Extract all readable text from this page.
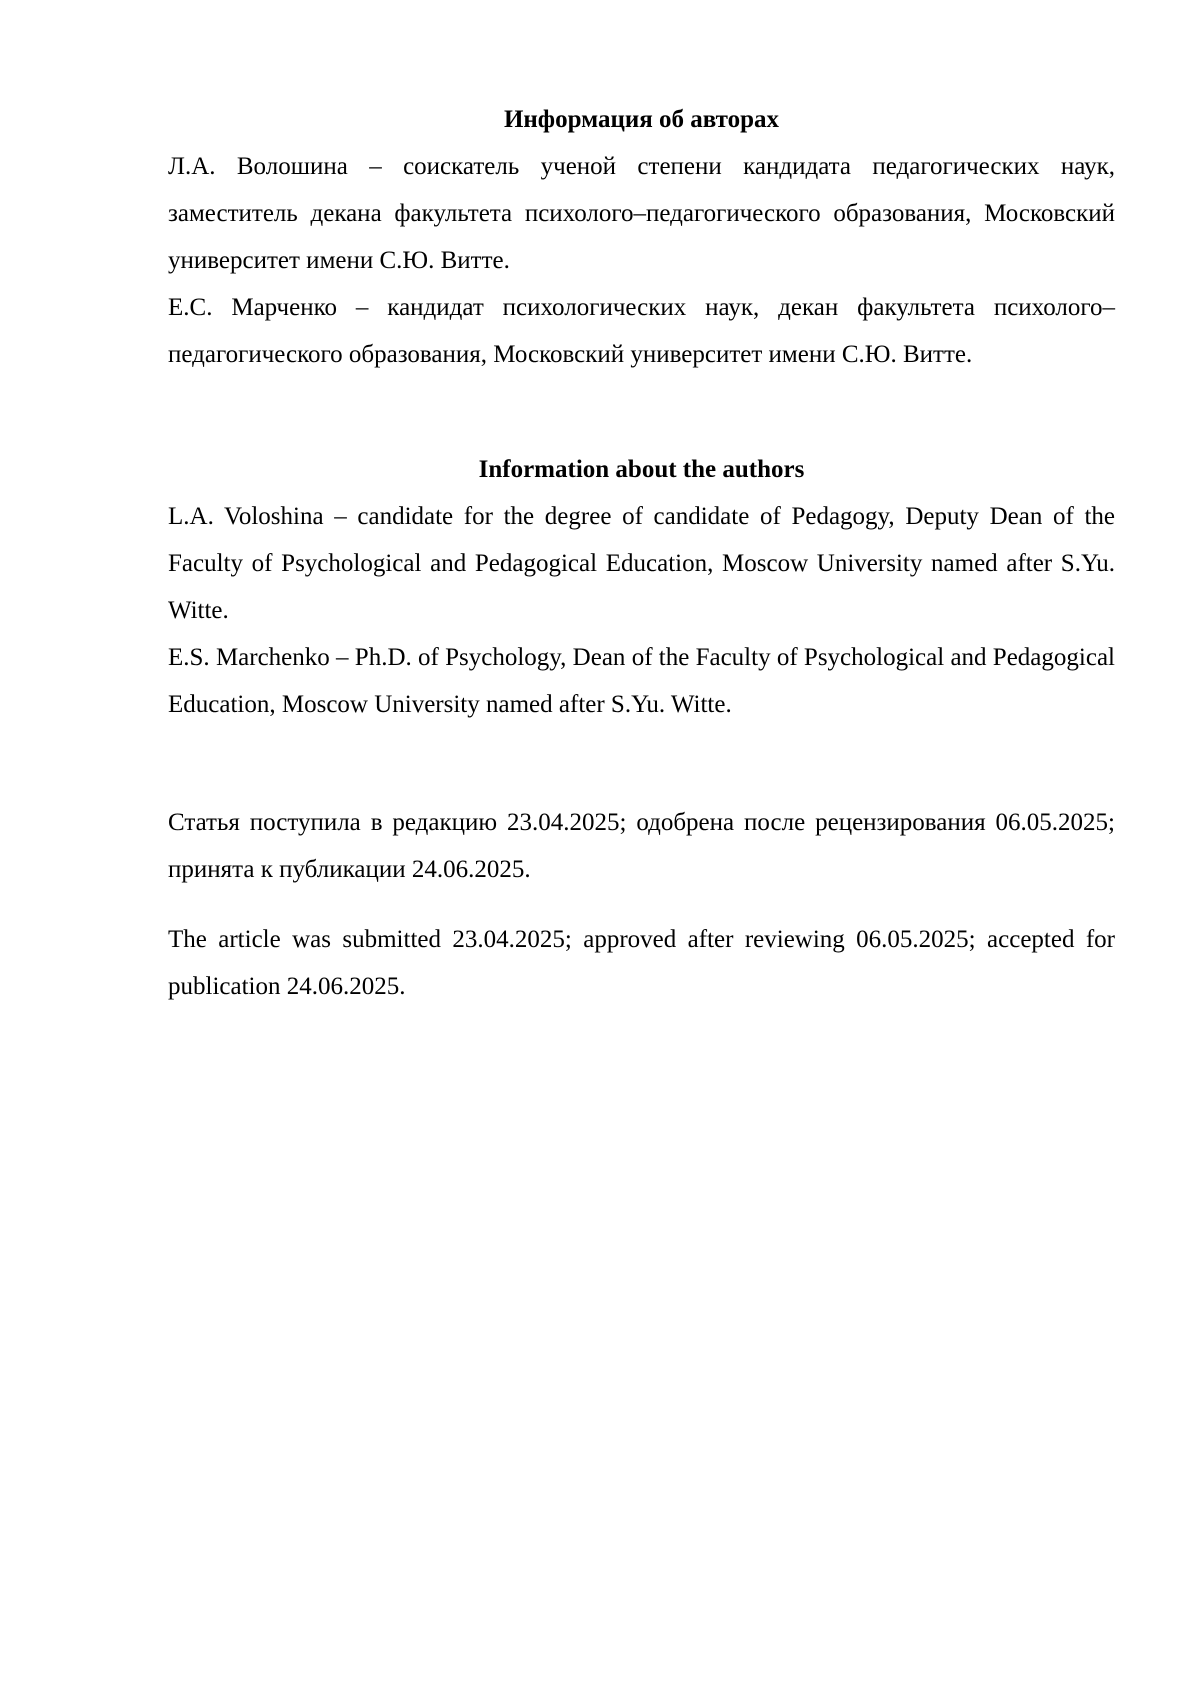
Информация об авторах

Л.А. Волошина – соискатель ученой степени кандидата педагогических наук, заместитель декана факультета психолого–педагогического образования, Московский университет имени С.Ю. Витте.

Е.С. Марченко – кандидат психологических наук, декан факультета психолого–педагогического образования, Московский университет имени С.Ю. Витте.

Information about the authors

L.A. Voloshina – candidate for the degree of candidate of Pedagogy, Deputy Dean of the Faculty of Psychological and Pedagogical Education, Moscow University named after S.Yu. Witte.

E.S. Marchenko – Ph.D. of Psychology, Dean of the Faculty of Psychological and Pedagogical Education, Moscow University named after S.Yu. Witte.

Статья поступила в редакцию 23.04.2025; одобрена после рецензирования 06.05.2025; принята к публикации 24.06.2025.

The article was submitted 23.04.2025; approved after reviewing 06.05.2025; accepted for publication 24.06.2025.
